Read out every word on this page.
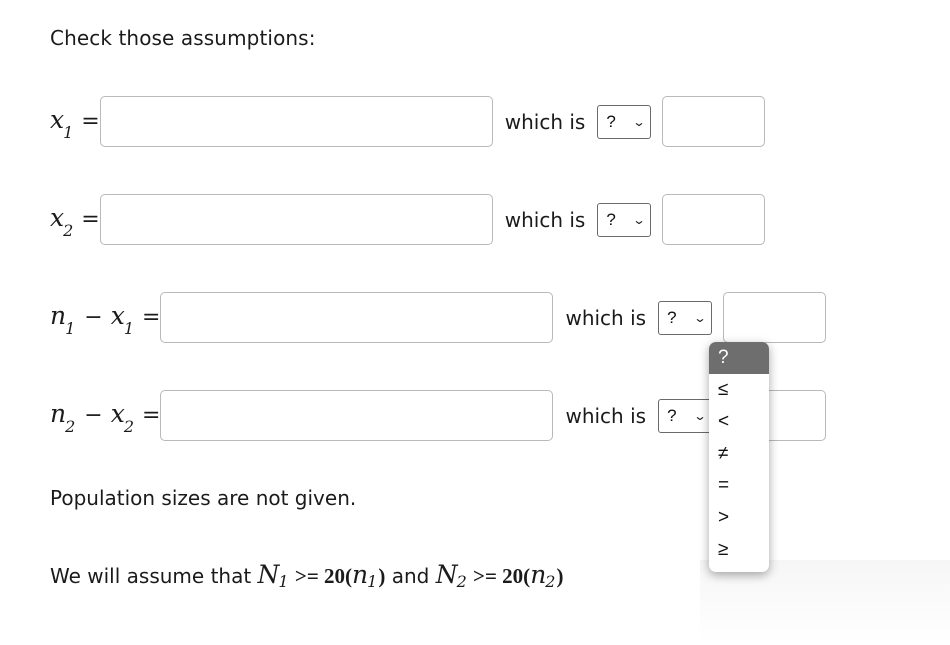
Check those assumptions:
$x_1$ =	which is	? ⌄
$x_2$ =	which is	? ⌄
$n_1 - x_1$ =	which is	? ⌄
$n_2 - x_2$ =	which is	? ⌄
Population sizes are not given.
We will assume that N1 >= 20(n1) and N2 >= 20(n2)
?
≤
<
≠
=
>
≥
